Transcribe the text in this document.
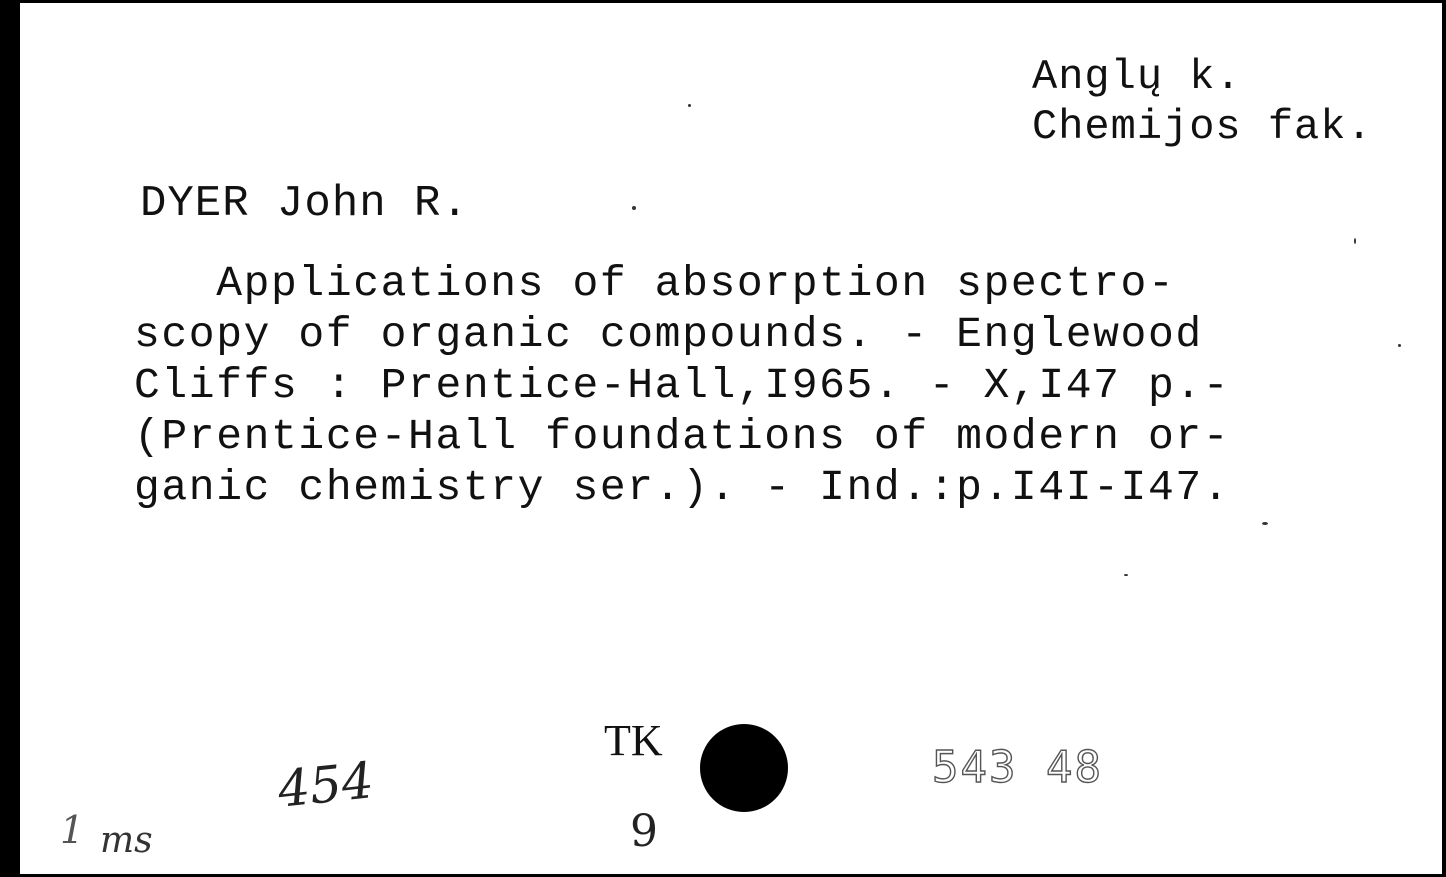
Anglų k.
Chemijos fak.
DYER John R.
Applications of absorption spectro-
scopy of organic compounds. - Englewood
Cliffs : Prentice-Hall,I965. - X,I47 p.-
(Prentice-Hall foundations of modern or-
ganic chemistry ser.). - Ind.:p.I4I-I47.
TK
9
454
1 ms
543 48
